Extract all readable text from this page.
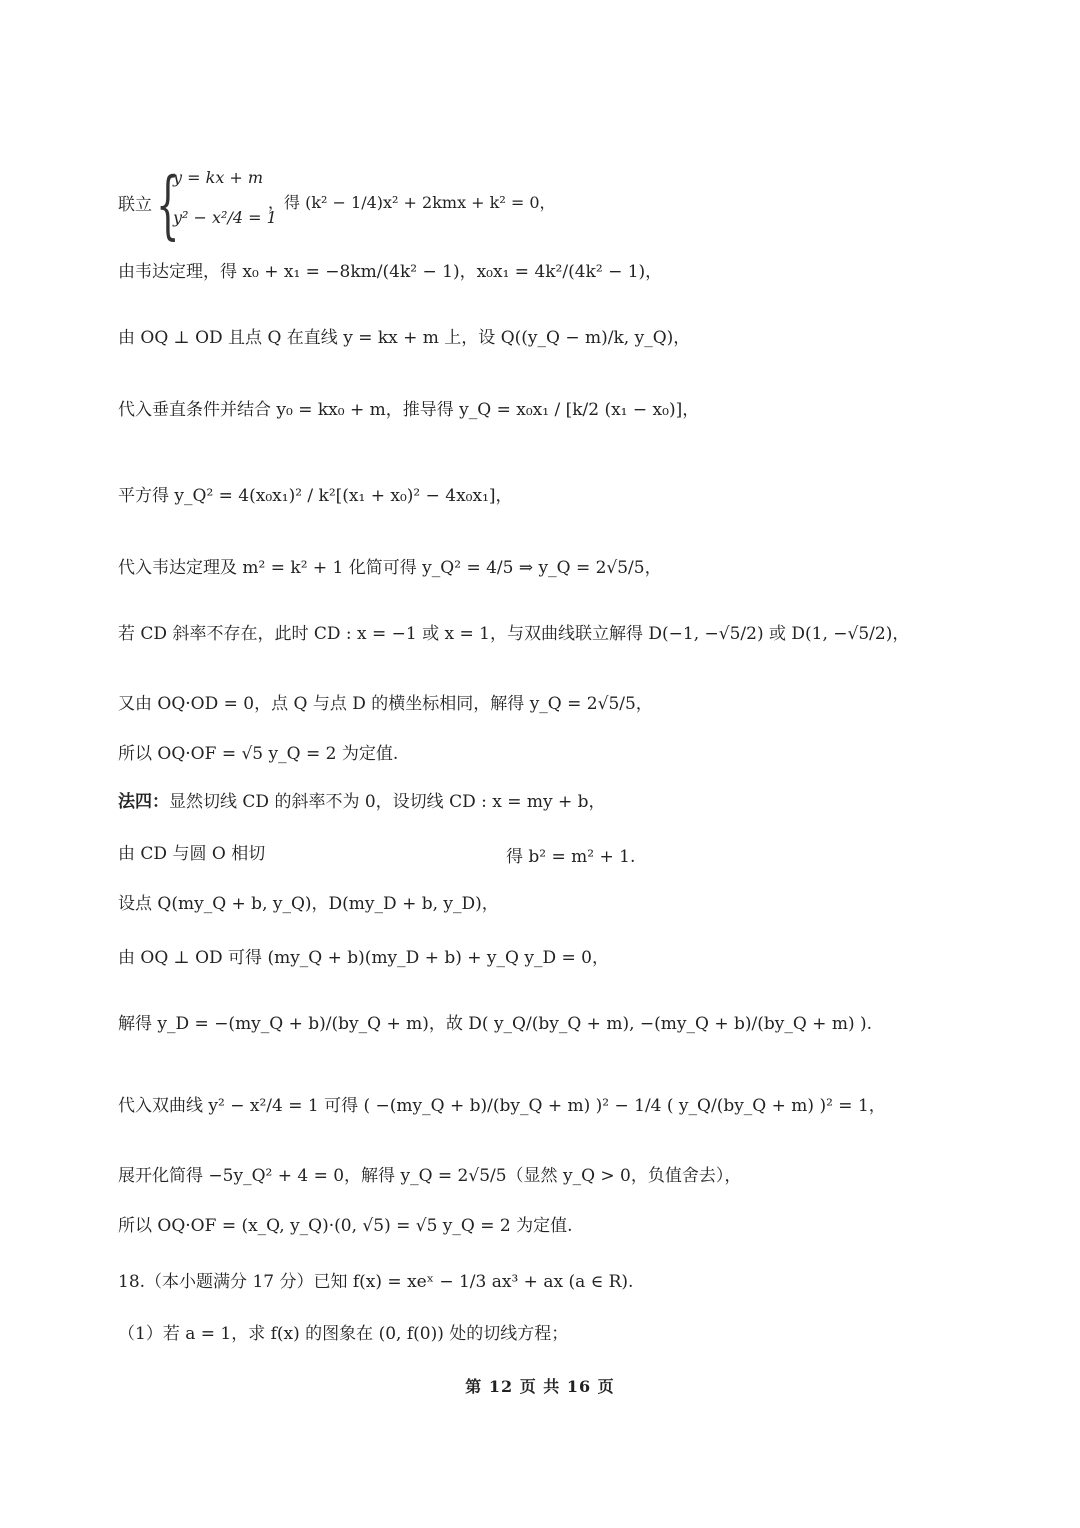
联立 {
y = kx + m
y² − x²/4 = 1
，得 (k² − 1/4)x² + 2kmx + k² = 0，
由韦达定理，得 x₀ + x₁ = −8km/(4k² − 1)，x₀x₁ = 4k²/(4k² − 1)，
由 OQ ⊥ OD 且点 Q 在直线 y = kx + m 上，设 Q((y_Q − m)/k, y_Q)，
代入垂直条件并结合 y₀ = kx₀ + m，推导得 y_Q = x₀x₁ / [k/2 (x₁ − x₀)]，
平方得 y_Q² = 4(x₀x₁)² / k²[(x₁ + x₀)² − 4x₀x₁]，
代入韦达定理及 m² = k² + 1 化简可得 y_Q² = 4/5 ⇒ y_Q = 2√5/5，
若 CD 斜率不存在，此时 CD : x = −1 或 x = 1，与双曲线联立解得 D(−1, −√5/2) 或 D(1, −√5/2)，
又由 OQ·OD = 0，点 Q 与点 D 的横坐标相同，解得 y_Q = 2√5/5，
所以 OQ·OF = √5 y_Q = 2 为定值.
法四：显然切线 CD 的斜率不为 0，设切线 CD : x = my + b，
由 CD 与圆 O 相切	得 b² = m² + 1.
设点 Q(my_Q + b, y_Q)，D(my_D + b, y_D)，
由 OQ ⊥ OD 可得 (my_Q + b)(my_D + b) + y_Q y_D = 0，
解得 y_D = −(my_Q + b)/(by_Q + m)，故 D( y_Q/(by_Q + m), −(my_Q + b)/(by_Q + m) ).
代入双曲线 y² − x²/4 = 1 可得 ( −(my_Q + b)/(by_Q + m) )² − 1/4 ( y_Q/(by_Q + m) )² = 1，
展开化简得 −5y_Q² + 4 = 0，解得 y_Q = 2√5/5（显然 y_Q > 0，负值舍去），
所以 OQ·OF = (x_Q, y_Q)·(0, √5) = √5 y_Q = 2 为定值.
18.（本小题满分 17 分）已知 f(x) = xeˣ − 1/3 ax³ + ax (a ∈ R).
（1）若 a = 1，求 f(x) 的图象在 (0, f(0)) 处的切线方程；
第 12 页 共 16 页
